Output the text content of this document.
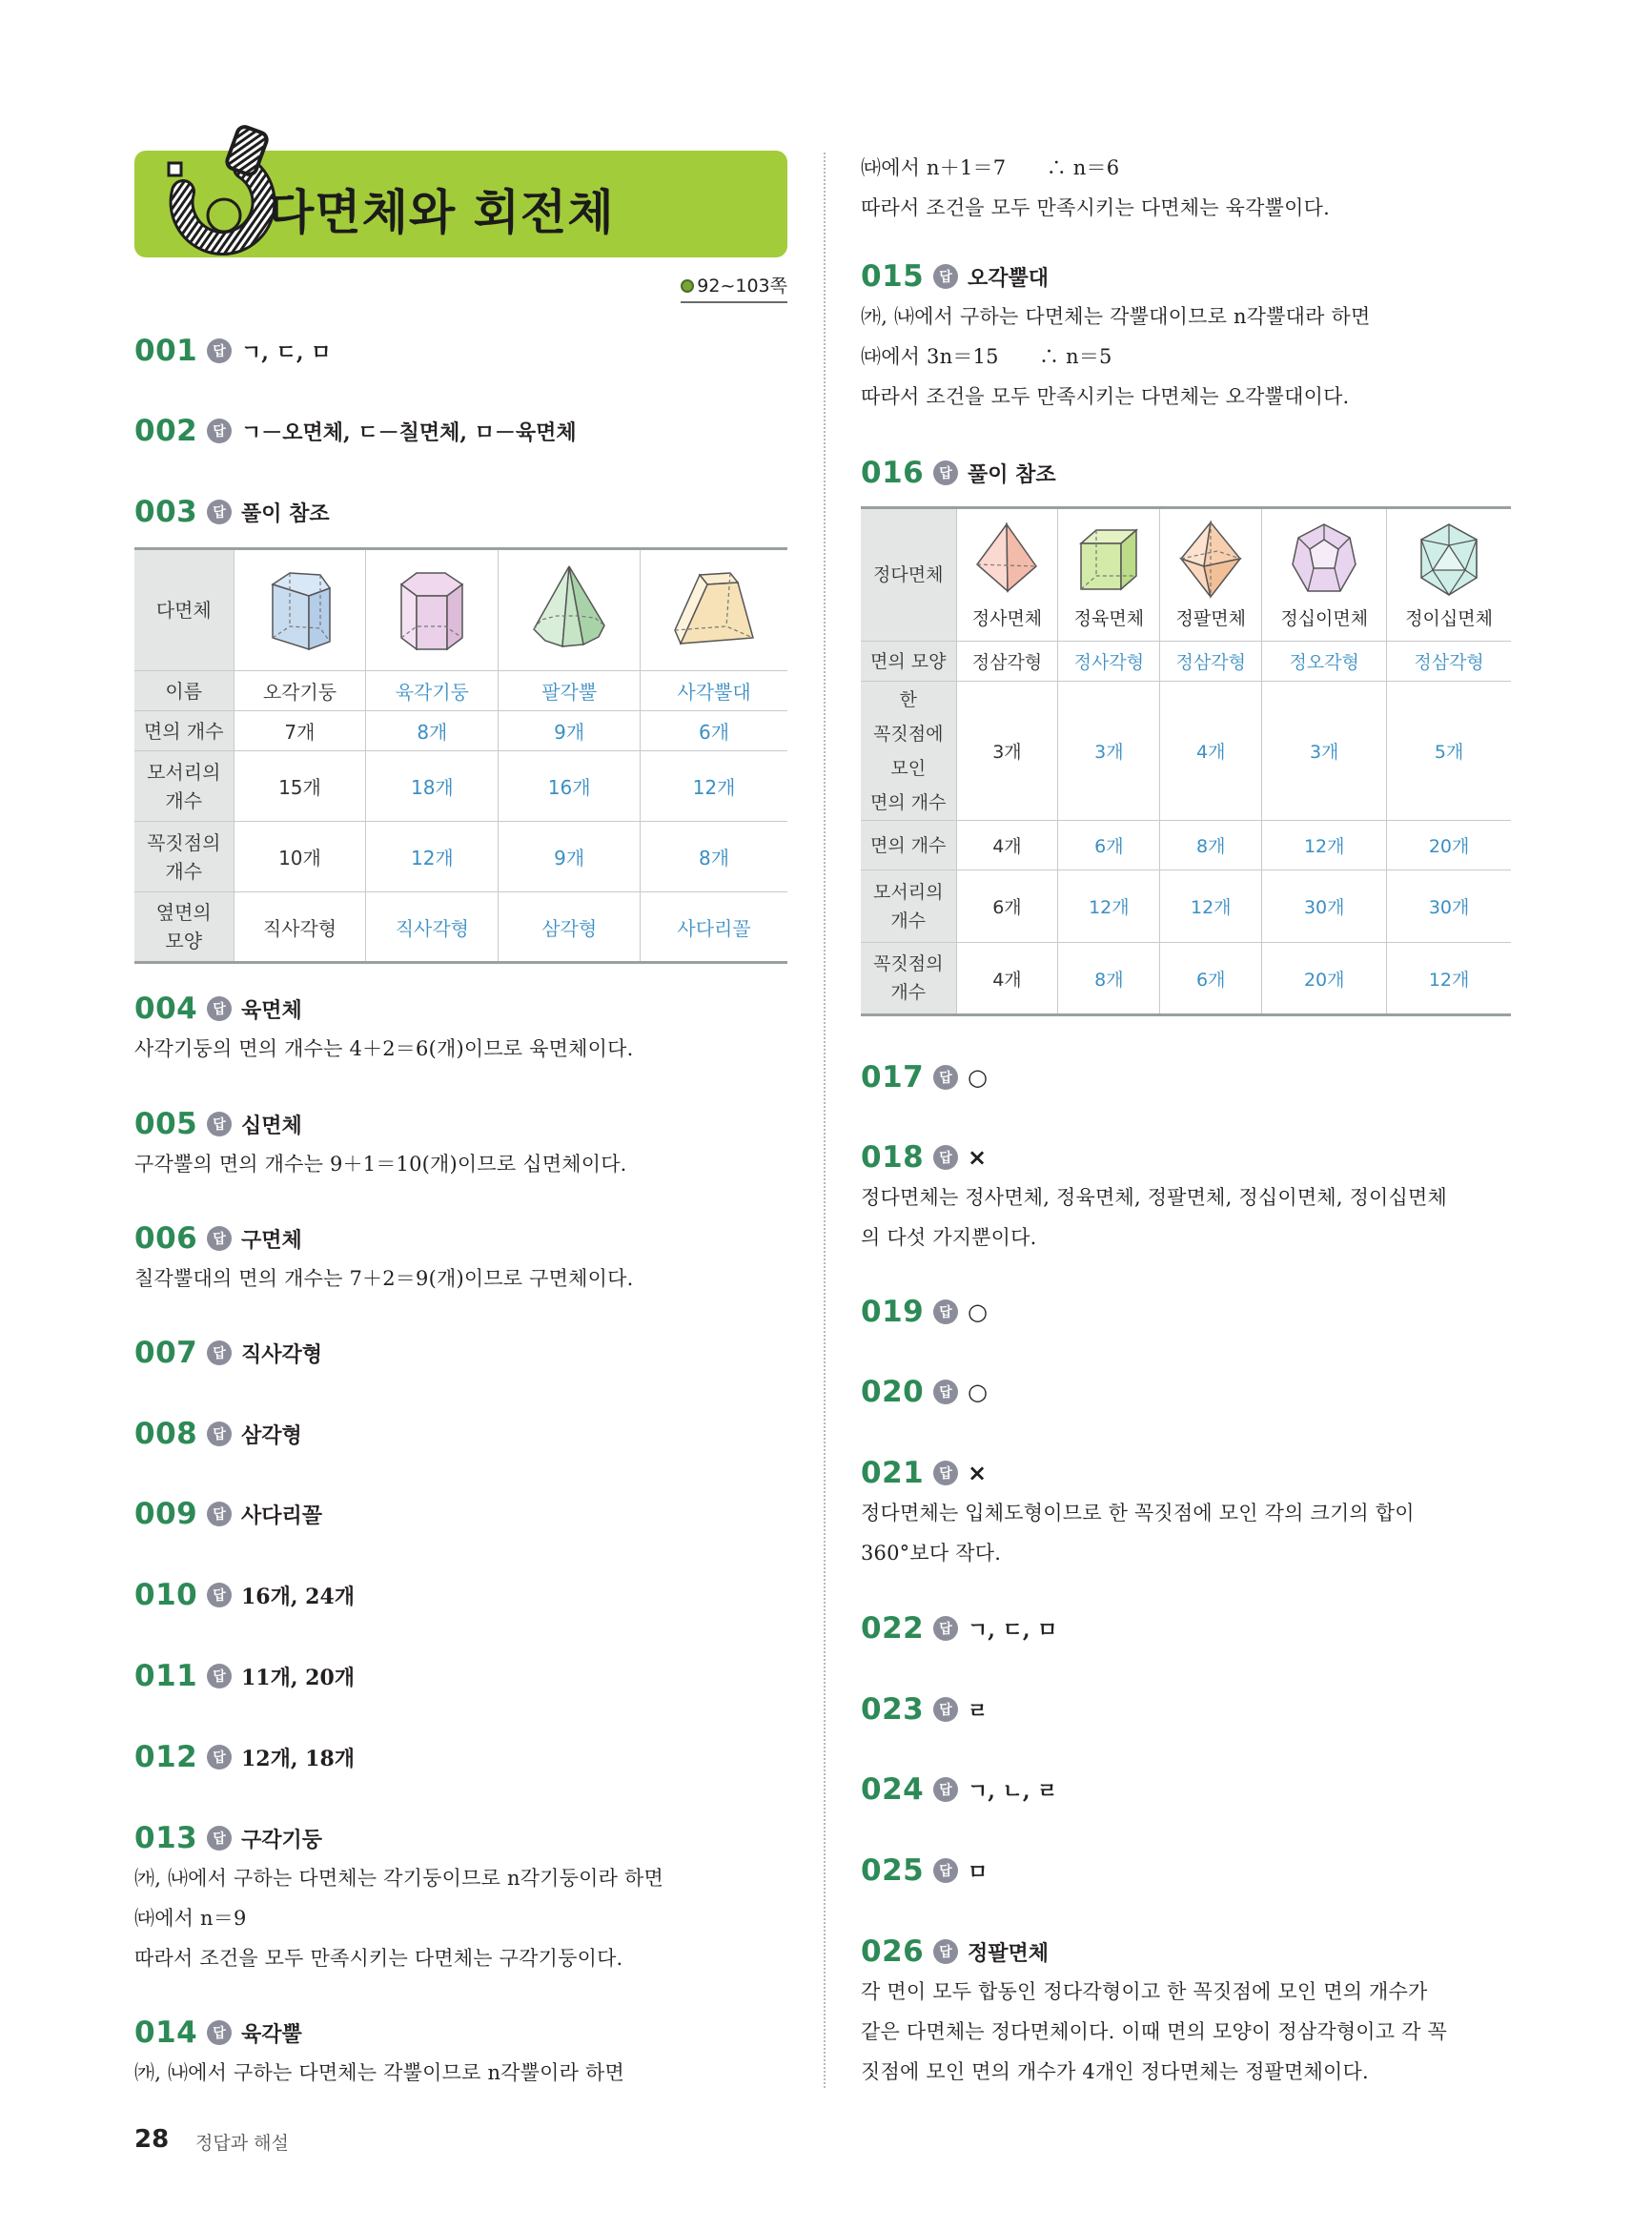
다면체와 회전체
92~103쪽
001	답 ㄱ, ㄷ, ㅁ
002	답 ㄱ－오면체, ㄷ－칠면체, ㅁ－육면체
003	답 풀이 참조
다면체	

이름	오각기둥	육각기둥	팔각뿔	사각뿔대
면의 개수	7개	8개	9개	6개
모서리의
개수	15개	18개	16개	12개
꼭짓점의
개수	10개	12개	9개	8개
옆면의
모양	직사각형	직사각형	삼각형	사다리꼴
004	답 육면체
사각기둥의 면의 개수는 4＋2＝6(개)이므로 육면체이다.
005	답 십면체
구각뿔의 면의 개수는 9＋1＝10(개)이므로 십면체이다.
006	답 구면체
칠각뿔대의 면의 개수는 7＋2＝9(개)이므로 구면체이다.
007	답 직사각형
008	답 삼각형
009	답 사다리꼴
010	답 16개, 24개
011	답 11개, 20개
012	답 12개, 18개
013	답 구각기둥
㈎, ㈏에서 구하는 다면체는 각기둥이므로 n각기둥이라 하면
㈐에서 n＝9
따라서 조건을 모두 만족시키는 다면체는 구각기둥이다.
014	답 육각뿔
㈎, ㈏에서 구하는 다면체는 각뿔이므로 n각뿔이라 하면
㈐에서 n＋1＝7　　∴ n＝6
따라서 조건을 모두 만족시키는 다면체는 육각뿔이다.
015	답 오각뿔대
㈎, ㈏에서 구하는 다면체는 각뿔대이므로 n각뿔대라 하면
㈐에서 3n＝15　　∴ n＝5
따라서 조건을 모두 만족시키는 다면체는 오각뿔대이다.
016	답 풀이 참조
정다면체	정사면체	정육면체	정팔면체	정십이면체	정이십면체

면의 모양	정삼각형	정사각형	정삼각형	정오각형	정삼각형
한
꼭짓점에
모인
면의 개수	3개	3개	4개	3개	5개
면의 개수	4개	6개	8개	12개	20개
모서리의
개수	6개	12개	12개	30개	30개
꼭짓점의
개수	4개	8개	6개	20개	12개
017	답 ○
018	답 ×
정다면체는 정사면체, 정육면체, 정팔면체, 정십이면체, 정이십면체
의 다섯 가지뿐이다.
019	답 ○
020	답 ○
021	답 ×
정다면체는 입체도형이므로 한 꼭짓점에 모인 각의 크기의 합이
360°보다 작다.
022	답 ㄱ, ㄷ, ㅁ
023	답 ㄹ
024	답 ㄱ, ㄴ, ㄹ
025	답 ㅁ
026	답 정팔면체
각 면이 모두 합동인 정다각형이고 한 꼭짓점에 모인 면의 개수가
같은 다면체는 정다면체이다. 이때 면의 모양이 정삼각형이고 각 꼭
짓점에 모인 면의 개수가 4개인 정다면체는 정팔면체이다.
28 정답과 해설
